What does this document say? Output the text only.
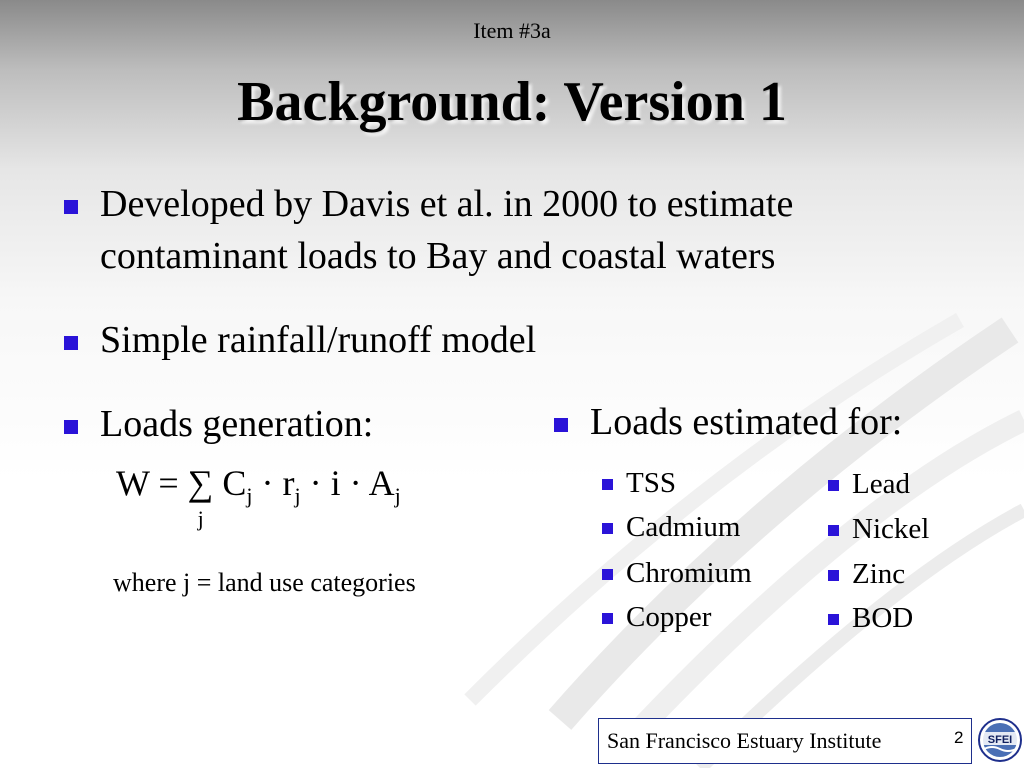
Item #3a
Background: Version 1
Developed by Davis et al. in 2000 to estimate contaminant loads to Bay and coastal waters
Simple rainfall/runoff model
Loads generation:	Loads estimated for:
W = ∑
j
$C_j \cdot r_j \cdot i \cdot A_j$
where j = land use categories
TSS
Cadmium
Chromium
Copper
Lead
Nickel
Zinc
BOD
San Francisco Estuary Institute	2 SFEI
